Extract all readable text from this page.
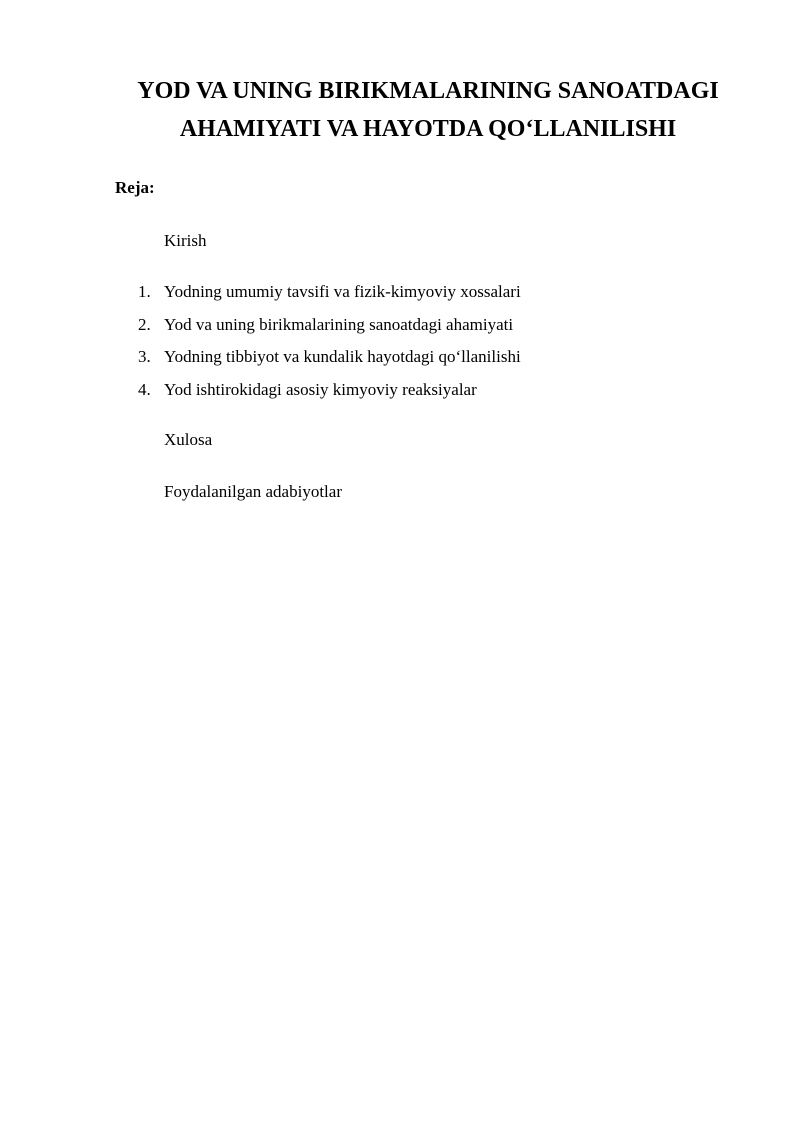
YOD VA UNING BIRIKMALARINING SANOATDAGI
AHAMIYATI VA HAYOTDA QO‘LLANILISHI

Reja:

Kirish

1. Yodning umumiy tavsifi va fizik-kimyoviy xossalari
2. Yod va uning birikmalarining sanoatdagi ahamiyati
3. Yodning tibbiyot va kundalik hayotdagi qo‘llanilishi
4. Yod ishtirokidagi asosiy kimyoviy reaksiyalar

Xulosa

Foydalanilgan adabiyotlar
